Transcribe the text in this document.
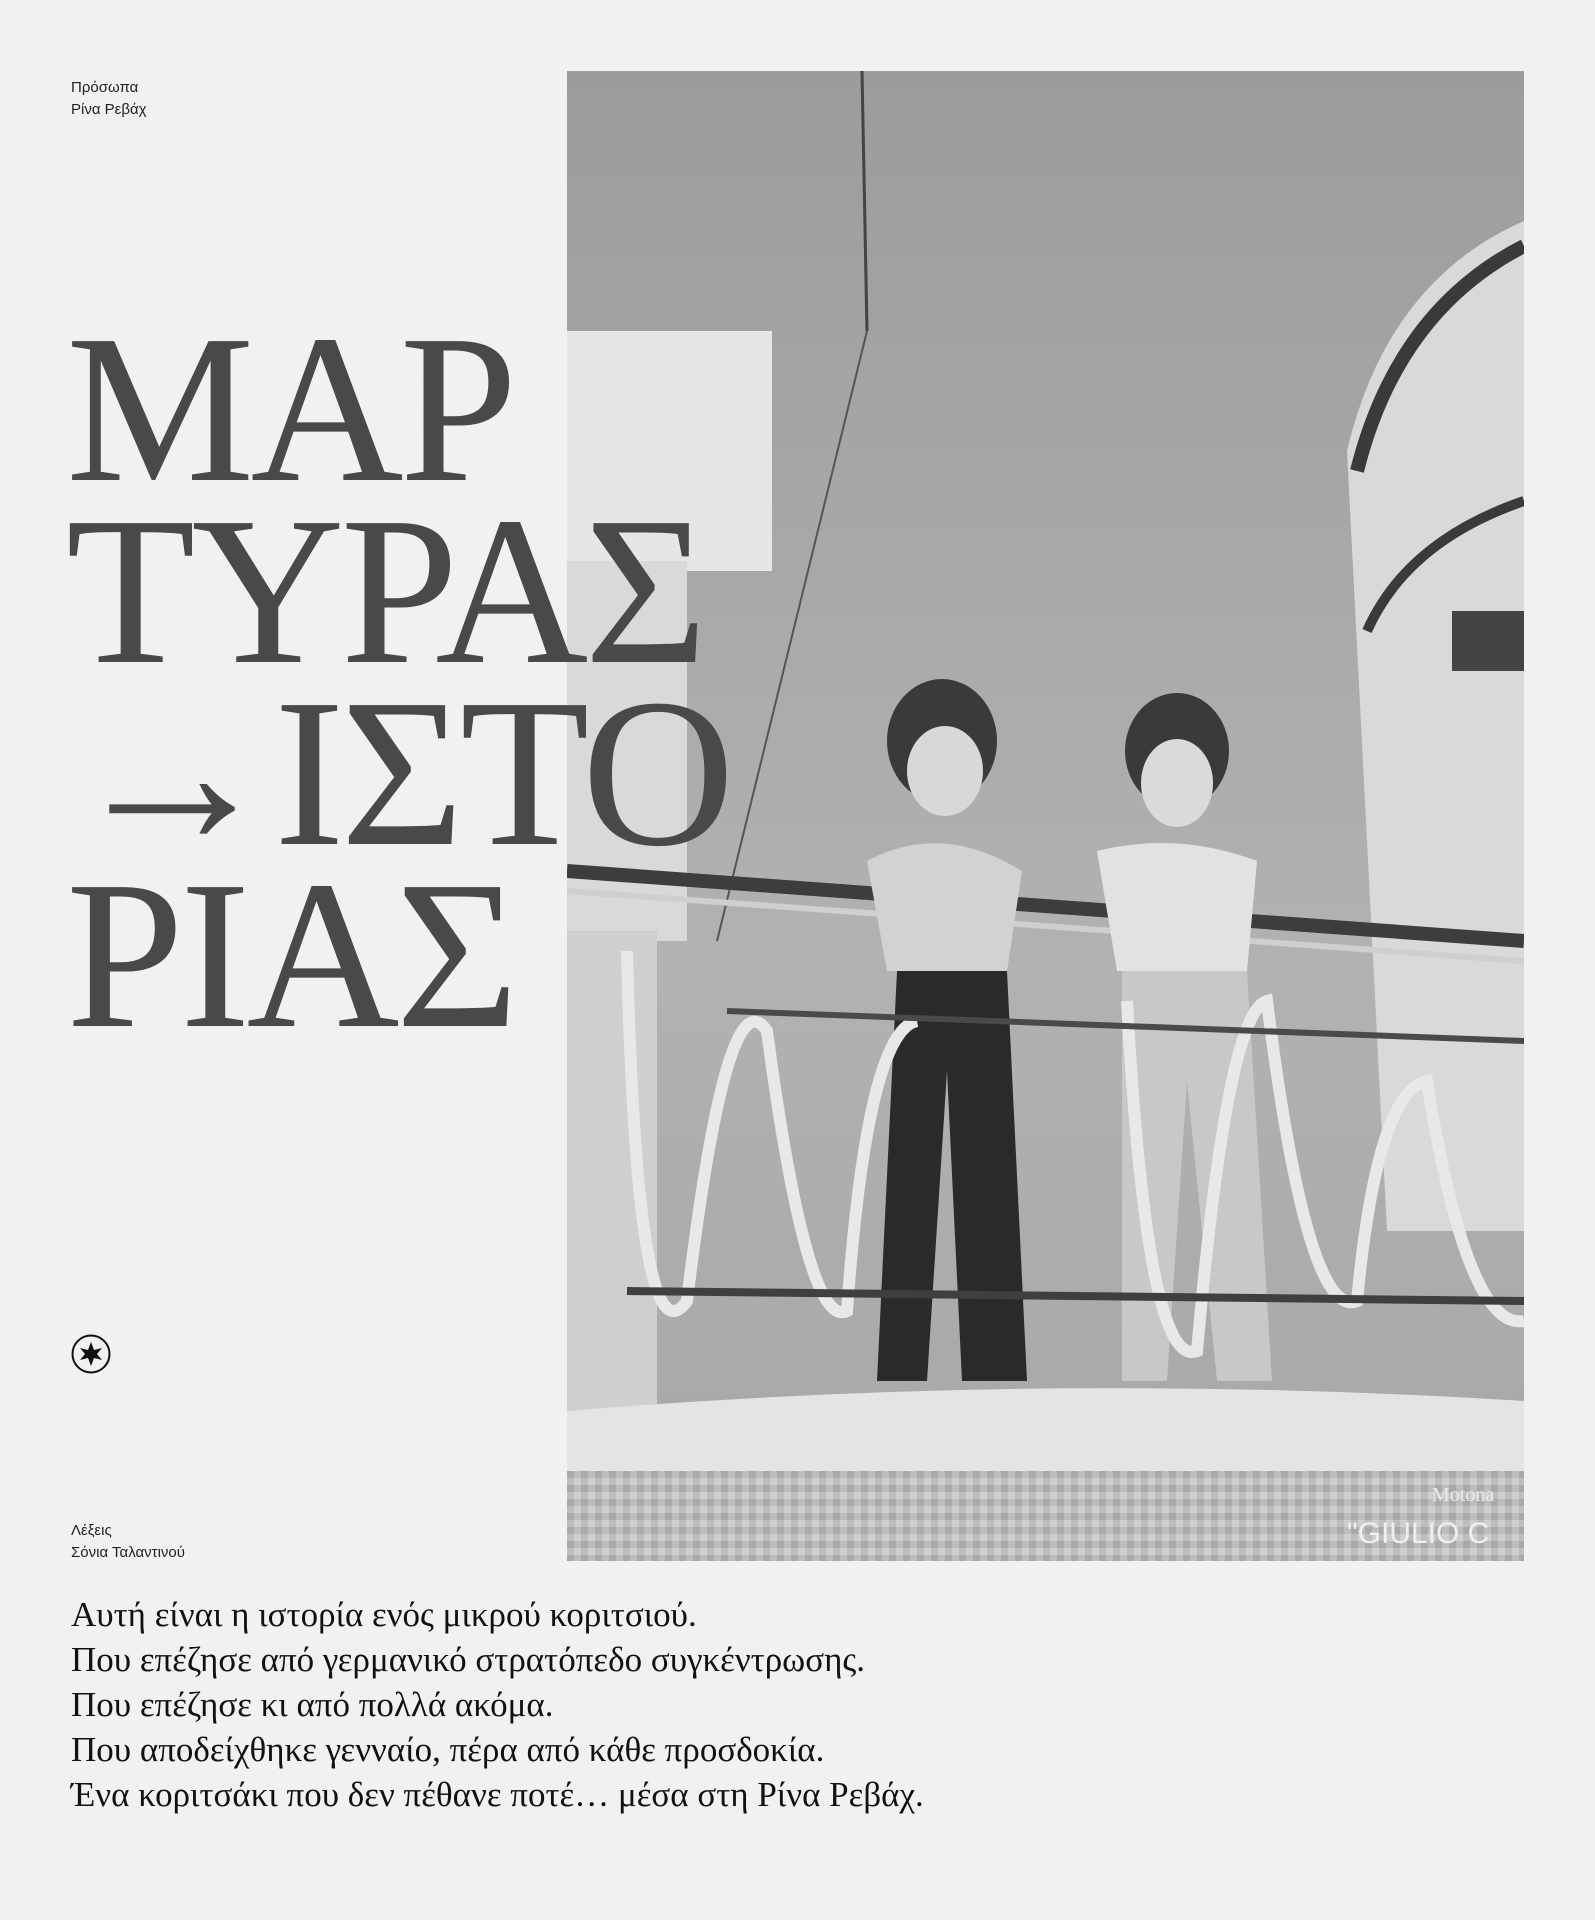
Πρόσωπα
Ρίνα Ρεβάχ
Motona
"GIULIO C
ΜΑΡ
ΤΥΡΑΣ
→ΙΣΤΟ
ΡΙΑΣ
Λέξεις
Σόνια Ταλαντινού
Αυτή είναι η ιστορία ενός μικρού κοριτσιού.
Που επέζησε από γερμανικό στρατόπεδο συγκέντρωσης.
Που επέζησε κι από πολλά ακόμα.
Που αποδείχθηκε γενναίο, πέρα από κάθε προσδοκία.
Ένα κοριτσάκι που δεν πέθανε ποτέ… μέσα στη Ρίνα Ρεβάχ.
